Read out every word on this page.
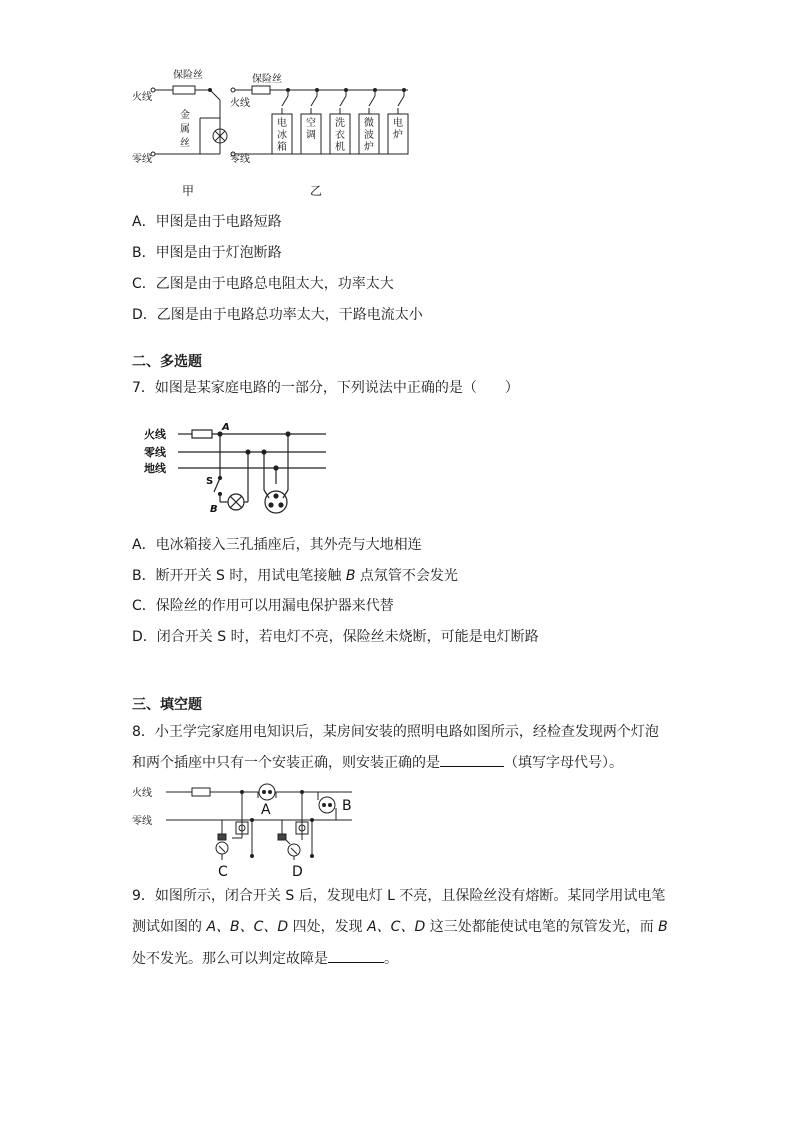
保险丝
火线
零线
金
属
丝
甲
保险丝
火线
零线
乙
电
冰
箱
空
调
洗
衣
机
微
波
炉
电
炉
A．甲图是由于电路短路
B．甲图是由于灯泡断路
C．乙图是由于电路总电阻太大，功率太大
D．乙图是由于电路总功率太大，干路电流太小
二、多选题
7．如图是某家庭电路的一部分，下列说法中正确的是（　　）
火线
零线
地线
A
S
B
A．电冰箱接入三孔插座后，其外壳与大地相连
B．断开开关 S 时，用试电笔接触 B 点氖管不会发光
C．保险丝的作用可以用漏电保护器来代替
D．闭合开关 S 时，若电灯不亮，保险丝未烧断，可能是电灯断路
三、填空题
8．小王学完家庭用电知识后，某房间安装的照明电路如图所示，经检查发现两个灯泡
和两个插座中只有一个安装正确，则安装正确的是	（填写字母代号）。
火线
零线
A	B
C	D
9．如图所示，闭合开关 S 后，发现电灯 L 不亮，且保险丝没有熔断。某同学用试电笔
测试如图的 A、B、C、D 四处，发现 A、C、D 这三处都能使试电笔的氖管发光，而 B
处不发光。那么可以判定故障是	。
